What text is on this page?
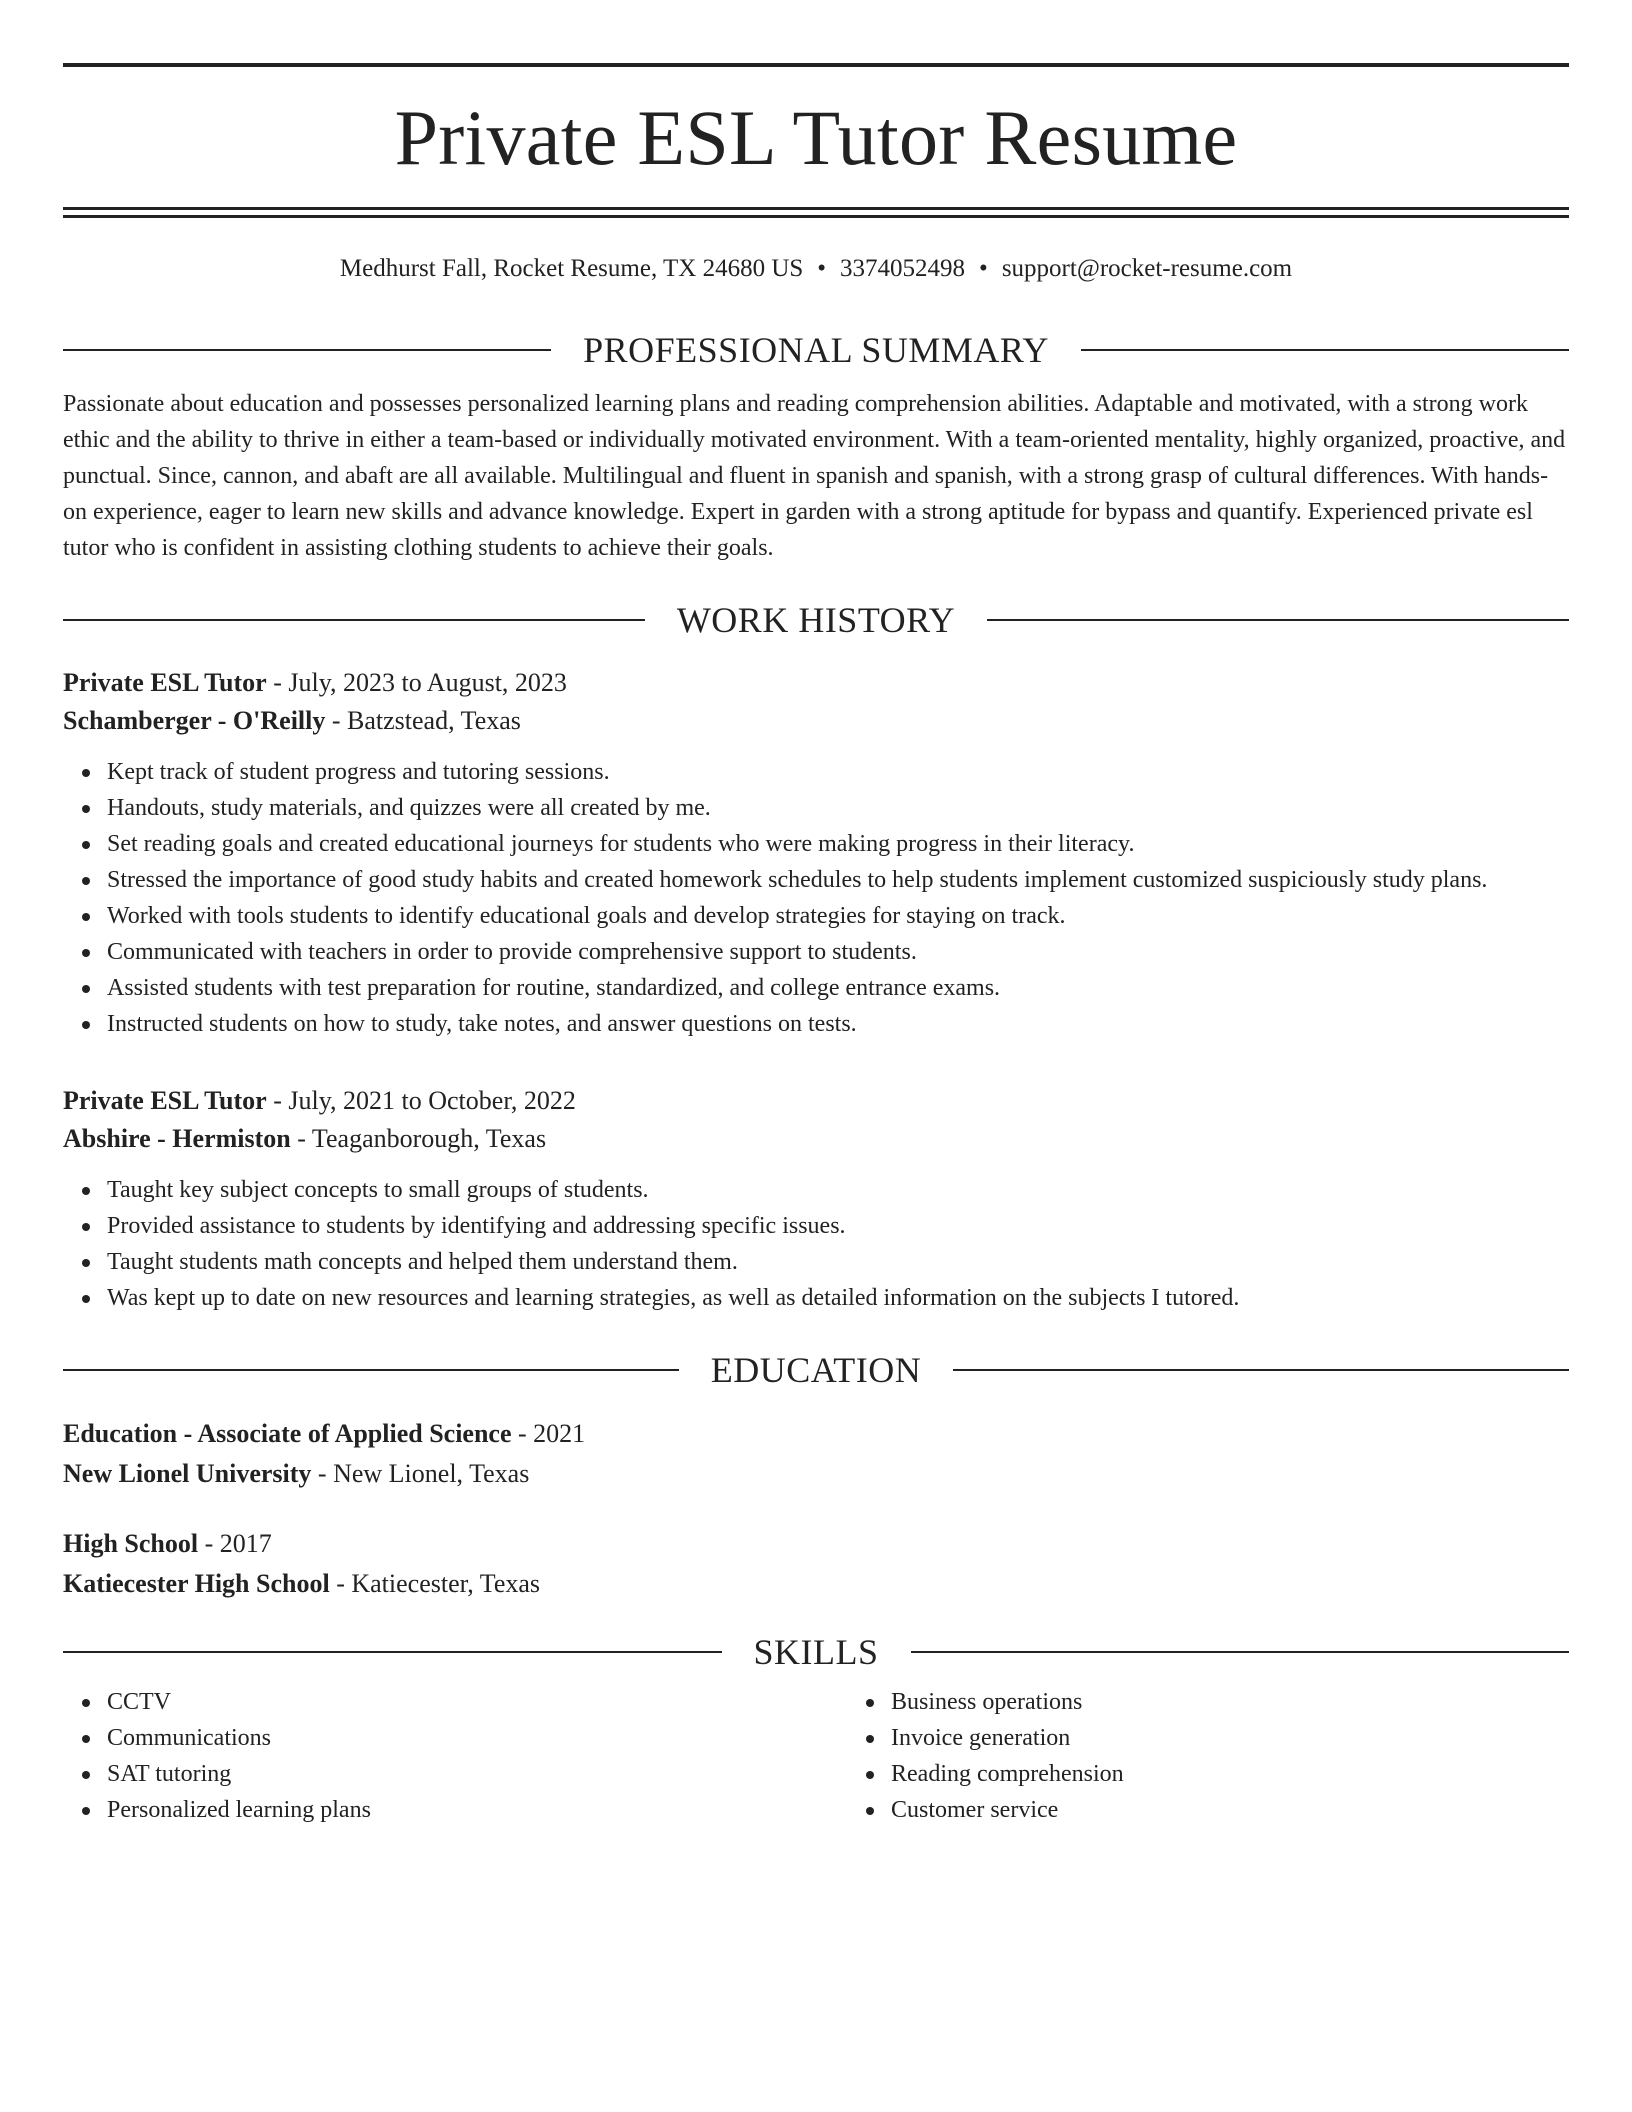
Private ESL Tutor Resume
Medhurst Fall, Rocket Resume, TX 24680 US • 3374052498 • support@rocket-resume.com
PROFESSIONAL SUMMARY

Passionate about education and possesses personalized learning plans and reading comprehension abilities. Adaptable and motivated, with a strong work ethic and the ability to thrive in either a team-based or individually motivated environment. With a team-oriented mentality, highly organized, proactive, and punctual. Since, cannon, and abaft are all available. Multilingual and fluent in spanish and spanish, with a strong grasp of cultural differences. With hands-on experience, eager to learn new skills and advance knowledge. Expert in garden with a strong aptitude for bypass and quantify. Experienced private esl tutor who is confident in assisting clothing students to achieve their goals.

WORK HISTORY
Private ESL Tutor - July, 2023 to August, 2023
Schamberger - O'Reilly - Batzstead, Texas
Kept track of student progress and tutoring sessions.
Handouts, study materials, and quizzes were all created by me.
Set reading goals and created educational journeys for students who were making progress in their literacy.
Stressed the importance of good study habits and created homework schedules to help students implement customized suspiciously study plans.
Worked with tools students to identify educational goals and develop strategies for staying on track.
Communicated with teachers in order to provide comprehensive support to students.
Assisted students with test preparation for routine, standardized, and college entrance exams.
Instructed students on how to study, take notes, and answer questions on tests.
Private ESL Tutor - July, 2021 to October, 2022
Abshire - Hermiston - Teaganborough, Texas
Taught key subject concepts to small groups of students.
Provided assistance to students by identifying and addressing specific issues.
Taught students math concepts and helped them understand them.
Was kept up to date on new resources and learning strategies, as well as detailed information on the subjects I tutored.
EDUCATION
Education - Associate of Applied Science - 2021
New Lionel University - New Lionel, Texas
High School - 2017
Katiecester High School - Katiecester, Texas
SKILLS
CCTV
Communications
SAT tutoring
Personalized learning plans
Business operations
Invoice generation
Reading comprehension
Customer service
